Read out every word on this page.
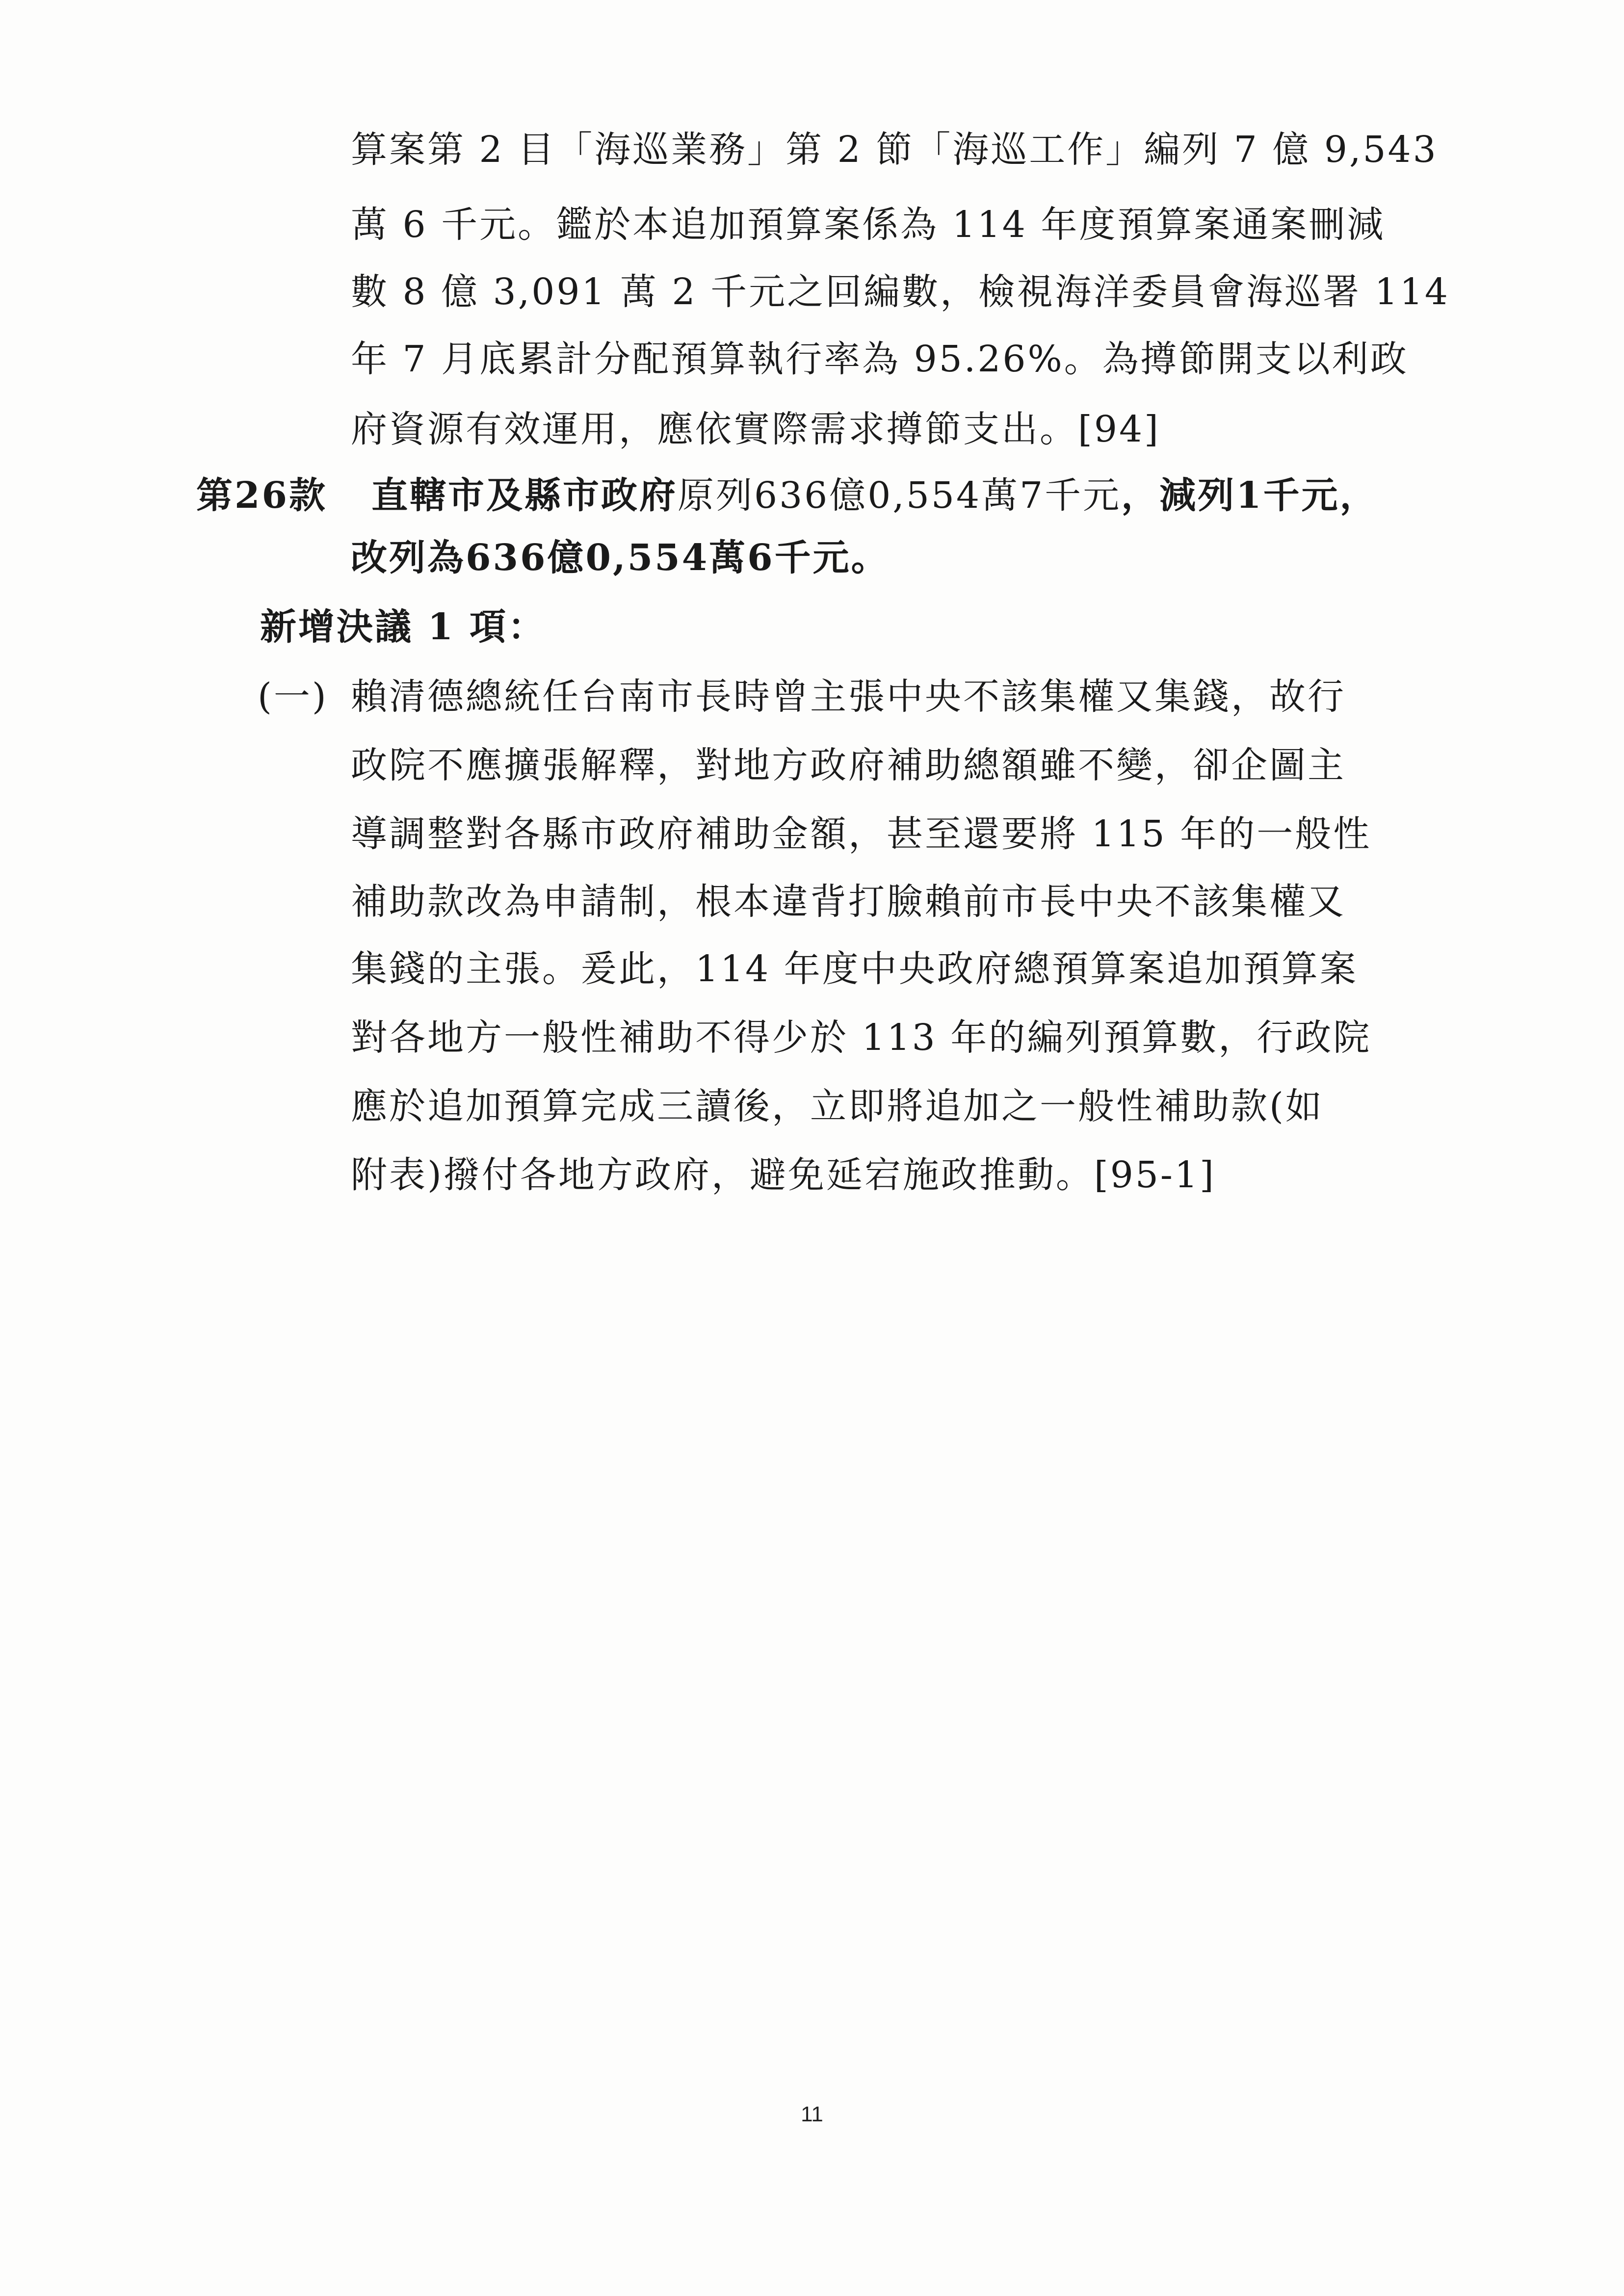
算案第 2 目「海巡業務」第 2 節「海巡工作」編列 7 億 9,543
萬 6 千元。鑑於本追加預算案係為 114 年度預算案通案刪減
數 8 億 3,091 萬 2 千元之回編數，檢視海洋委員會海巡署 114
年 7 月底累計分配預算執行率為 95.26%。為撙節開支以利政
府資源有效運用，應依實際需求撙節支出。[94]
第26款 直轄市及縣市政府原列636億0,554萬7千元，減列1千元，
改列為636億0,554萬6千元。
新增決議 1 項：
(一) 賴清德總統任台南市長時曾主張中央不該集權又集錢，故行
政院不應擴張解釋，對地方政府補助總額雖不變，卻企圖主
導調整對各縣市政府補助金額，甚至還要將 115 年的一般性
補助款改為申請制，根本違背打臉賴前市長中央不該集權又
集錢的主張。爰此，114 年度中央政府總預算案追加預算案
對各地方一般性補助不得少於 113 年的編列預算數，行政院
應於追加預算完成三讀後，立即將追加之一般性補助款(如
附表)撥付各地方政府，避免延宕施政推動。[95-1]
11
